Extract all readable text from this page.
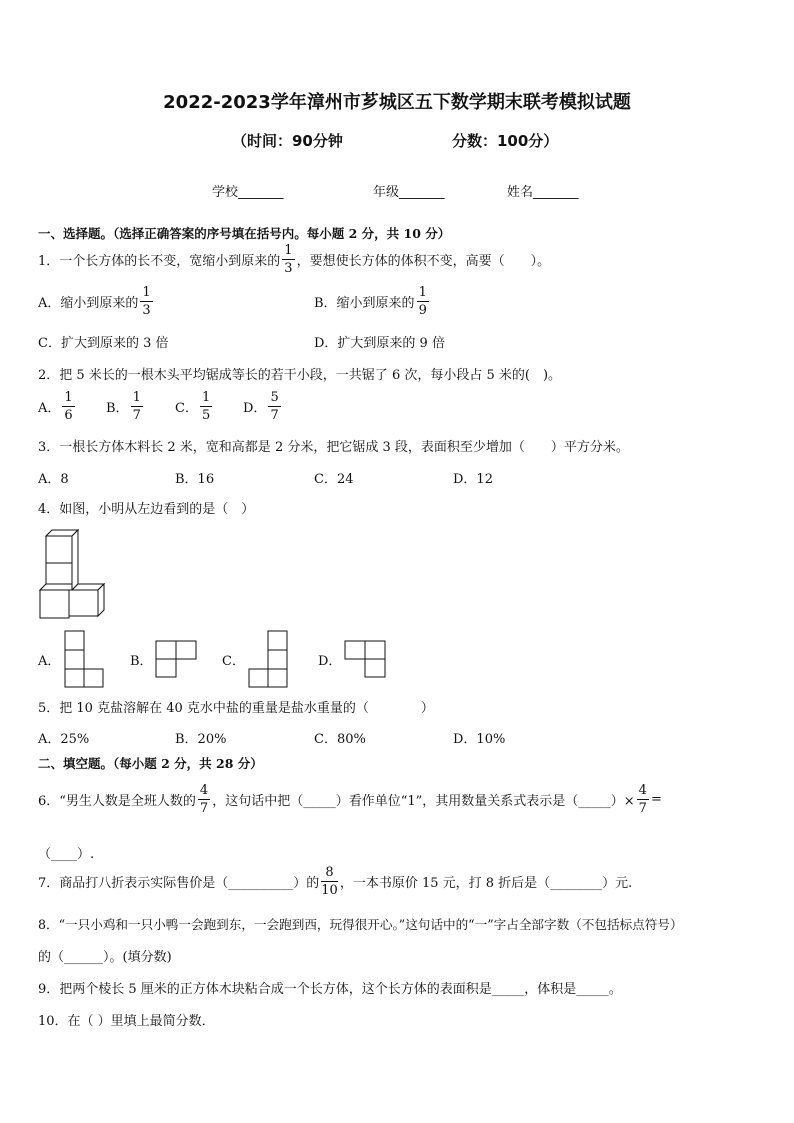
2022-2023学年漳州市芗城区五下数学期末联考模拟试题
（时间：90分钟	分数：100分）
学校_______	年级_______	姓名_______
一、选择题。（选择正确答案的序号填在括号内。每小题 2 分，共 10 分）
1．一个长方体的长不变，宽缩小到原来的 $\frac{1}{3}$ ，要想使长方体的体积不变，高要（　　）。
A．缩小到原来的 $\frac{1}{3}$	B．缩小到原来的 $\frac{1}{9}$
C．扩大到原来的 3 倍	D．扩大到原来的 9 倍
2．把 5 米长的一根木头平均锯成等长的若干小段，一共锯了 6 次，每小段占 5 米的(　)。
A． $\frac{1}{6}$ B． $\frac{1}{7}$ C． $\frac{1}{5}$ D． $\frac{5}{7}$
3．一根长方体木料长 2 米，宽和高都是 2 分米，把它锯成 3 段，表面积至少增加（　　）平方分米。
A．8	B．16	C．24	D．12
4．如图，小明从左边看到的是（　）
A．	B．	C．	D．
5．把 10 克盐溶解在 40 克水中盐的重量是盐水重量的（　　　　）
A．25%	B．20%	C．80%	D．10%
二、填空题。（每小题 2 分，共 28 分）
6．“男生人数是全班人数的 $\frac{4}{7}$ ，这句话中把（_____）看作单位“1”，其用数量关系式表示是（_____）× $\frac{4}{7}$ =
（____）.
7．商品打八折表示实际售价是（__________）的 $\frac{8}{10}$ ，一本书原价 15 元，打 8 折后是（________）元.
8．“一只小鸡和一只小鸭一会跑到东，一会跑到西，玩得很开心。”这句话中的“一”字占全部字数（不包括标点符号）
的（______）。(填分数)
9．把两个棱长 5 厘米的正方体木块粘合成一个长方体，这个长方体的表面积是_____，体积是_____。
10．在（ ）里填上最简分数．
